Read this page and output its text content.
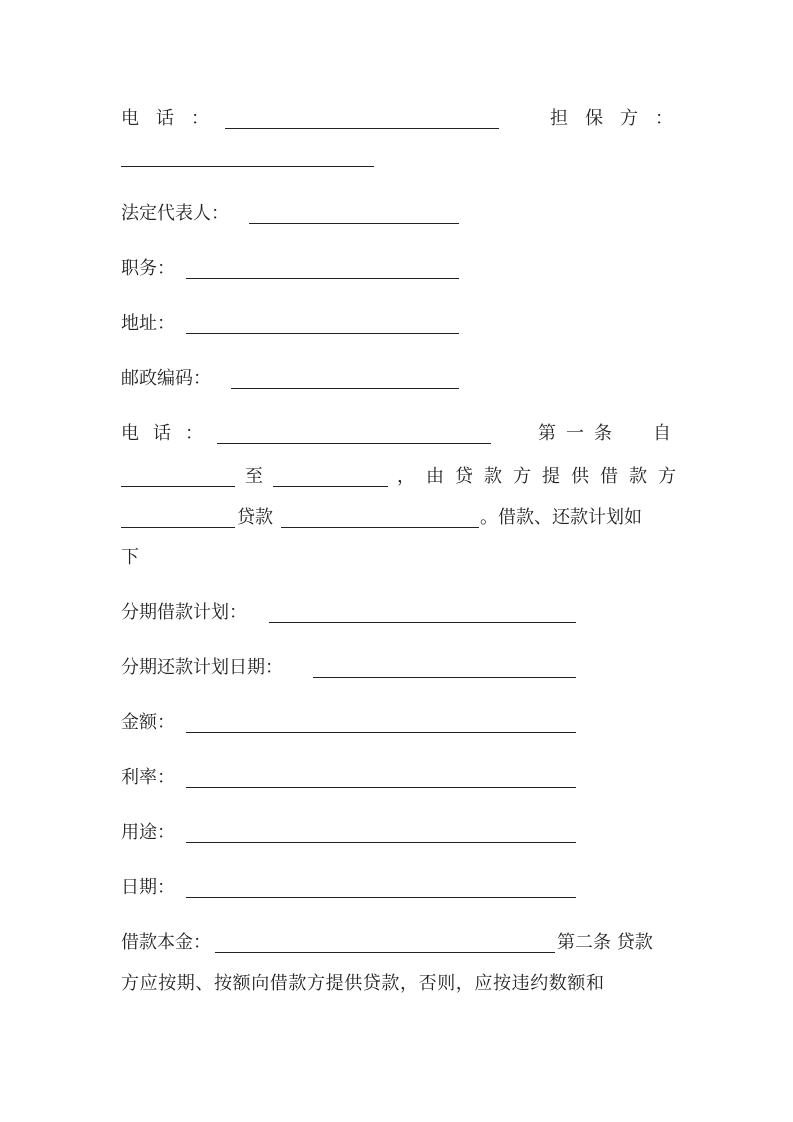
电话：	担保方：
法定代表人：
职务：
地址：
邮政编码：
电话：	第一条 自
至	，由贷款方提供借款方
贷款	。借款、还款计划如
下
分期借款计划：
分期还款计划日期：
金额：
利率：
用途：
日期：
借款本金：	第二条 贷款
方应按期、按额向借款方提供贷款，否则，应按违约数额和
